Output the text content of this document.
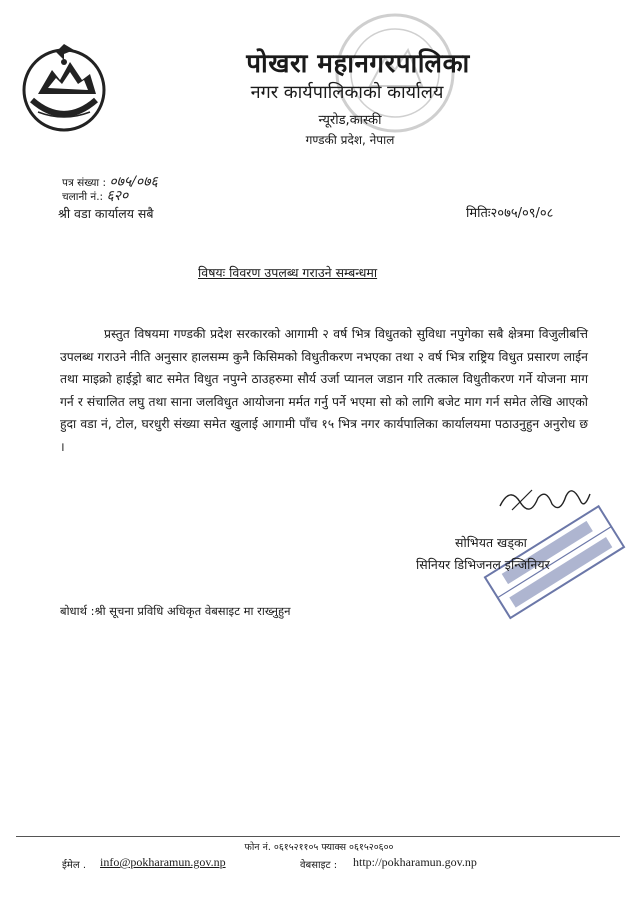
पोखरा महानगरपालिका
नगर कार्यपालिकाको कार्यालय
न्यूरोड,कास्की
गण्डकी प्रदेश, नेपाल
पत्र संख्या : ०७५/०७६
चलानी नं.: ६२०
श्री वडा कार्यालय सबै	मितिः२०७५/०९/०८
विषयः विवरण उपलब्ध गराउने सम्बन्धमा
प्रस्तुत विषयमा गण्डकी प्रदेश सरकारको आगामी २ वर्ष भित्र विधुतको सुविधा नपुगेका सबै क्षेत्रमा विजुलीबत्ति उपलब्ध गराउने नीति अनुसार हालसम्म कुनै किसिमको विधुतीकरण नभएका तथा २ वर्ष भित्र राष्ट्रिय विधुत प्रसारण लाईन तथा माइक्रो हाईड्रो बाट समेत विधुत नपुग्ने ठाउहरुमा सौर्य उर्जा प्यानल जडान गरि तत्काल विधुतीकरण गर्ने योजना माग गर्न र संचालित लघु तथा साना जलविधुत आयोजना मर्मत गर्नु पर्ने भएमा सो को लागि बजेट माग गर्न समेत लेखि आएको हुदा वडा नं, टोल, घरधुरी संख्या समेत खुलाई आगामी पाँच १५ भित्र नगर कार्यपालिका कार्यालयमा पठाउनुहुन अनुरोध छ ।
सोभियत खड्का
सिनियर डिभिजनल इन्जिनियर
बोधार्थ :श्री सूचना प्रविधि अधिकृत वेबसाइट मा राख्नुहुन
फोन नं. ०६१५२११०५ फ्याक्स ०६१५२०६००
ईमेल . info@pokharamun.gov.np	वेबसाइट : http://pokharamun.gov.np
